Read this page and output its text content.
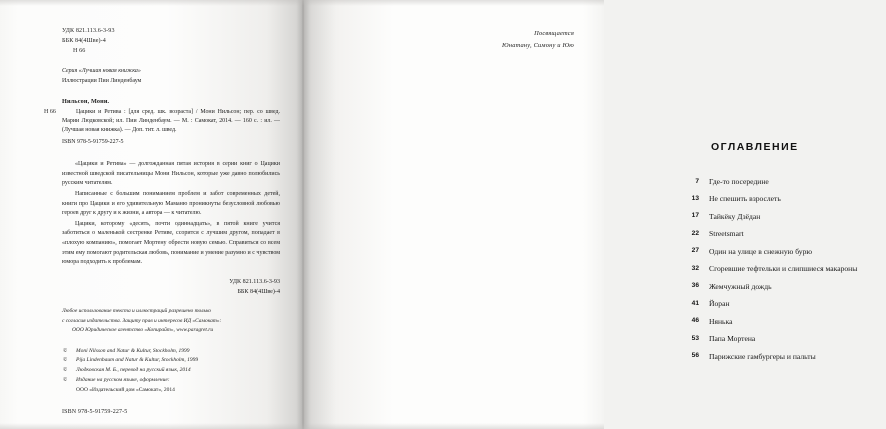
УДК 821.113.6-3-93
ББК 84(4Шве)-4
Н 66
Серия «Лучшая новая книжка»
Иллюстрации Пии Линденбаум
Нильсон, Мони.
Н 66	Цацики и Ретива : [для сред. шк. возраста] / Мони Нильсон; пер. со швед. Марии Людковской; ил. Пии Линденбаум. — М. : Самокат, 2014. — 160 с. : ил. — (Лучшая новая книжка). — Доп. тит. л. швед.
ISBN 978-5-91759-227-5

«Цацики и Ретива» — долгожданная пятая история в серии книг о Цацики известной шведской писательницы Мони Нильсон, которые уже давно полюбились русским читателям.

Написанные с большим пониманием проблем и забот современных детей, книги про Цацики и его удивительную Маманю проникнуты безусловной любовью героев друг к другу и к жизни, а автора — к читателю.

Цацики, которому «десять, почти одиннадцать», в пятой книге учится заботиться о маленькой сестренке Ретиве, ссорится с лучшим другом, попадает в «плохую компанию», помогает Мортену обрести новую семью. Справиться со всем этим ему помогают родительская любовь, понимание и умение разумно и с чувством юмора подходить к проблемам.

УДК 821.113.6-3-93
ББК 84(4Шве)-4
Любое использование текста и иллюстраций разрешено только
с согласия издательства. Защиту прав и интересов ИД «Самокат»:
ООО Юридическое агентство «Копирайт», www.paragret.ru
© Moni Nilsson and Natur & Kultur, Stockholm, 1999
© Pija Lindenbaum and Natur & Kultur, Stockholm, 1999
© Людковская М. Б., перевод на русский язык, 2014
© Издание на русском языке, оформление:
ООО «Издательский дом «Самокат», 2014
ISBN 978-5-91759-227-5
Посвящается
Юнатану, Симону и Юю
ОГЛАВЛЕНИЕ
7	Где-то посередине
13	Не спешить взрослеть
17	Тайкёку Дзёдан
22	Streetsmart
27	Один на улице в снежную бурю
32	Сгоревшие тефтельки и слипшиеся макароны
36	Жемчужный дождь
41	Йоран
46	Нянька
53	Папа Мортена
56	Парижские гамбургеры и пальты
